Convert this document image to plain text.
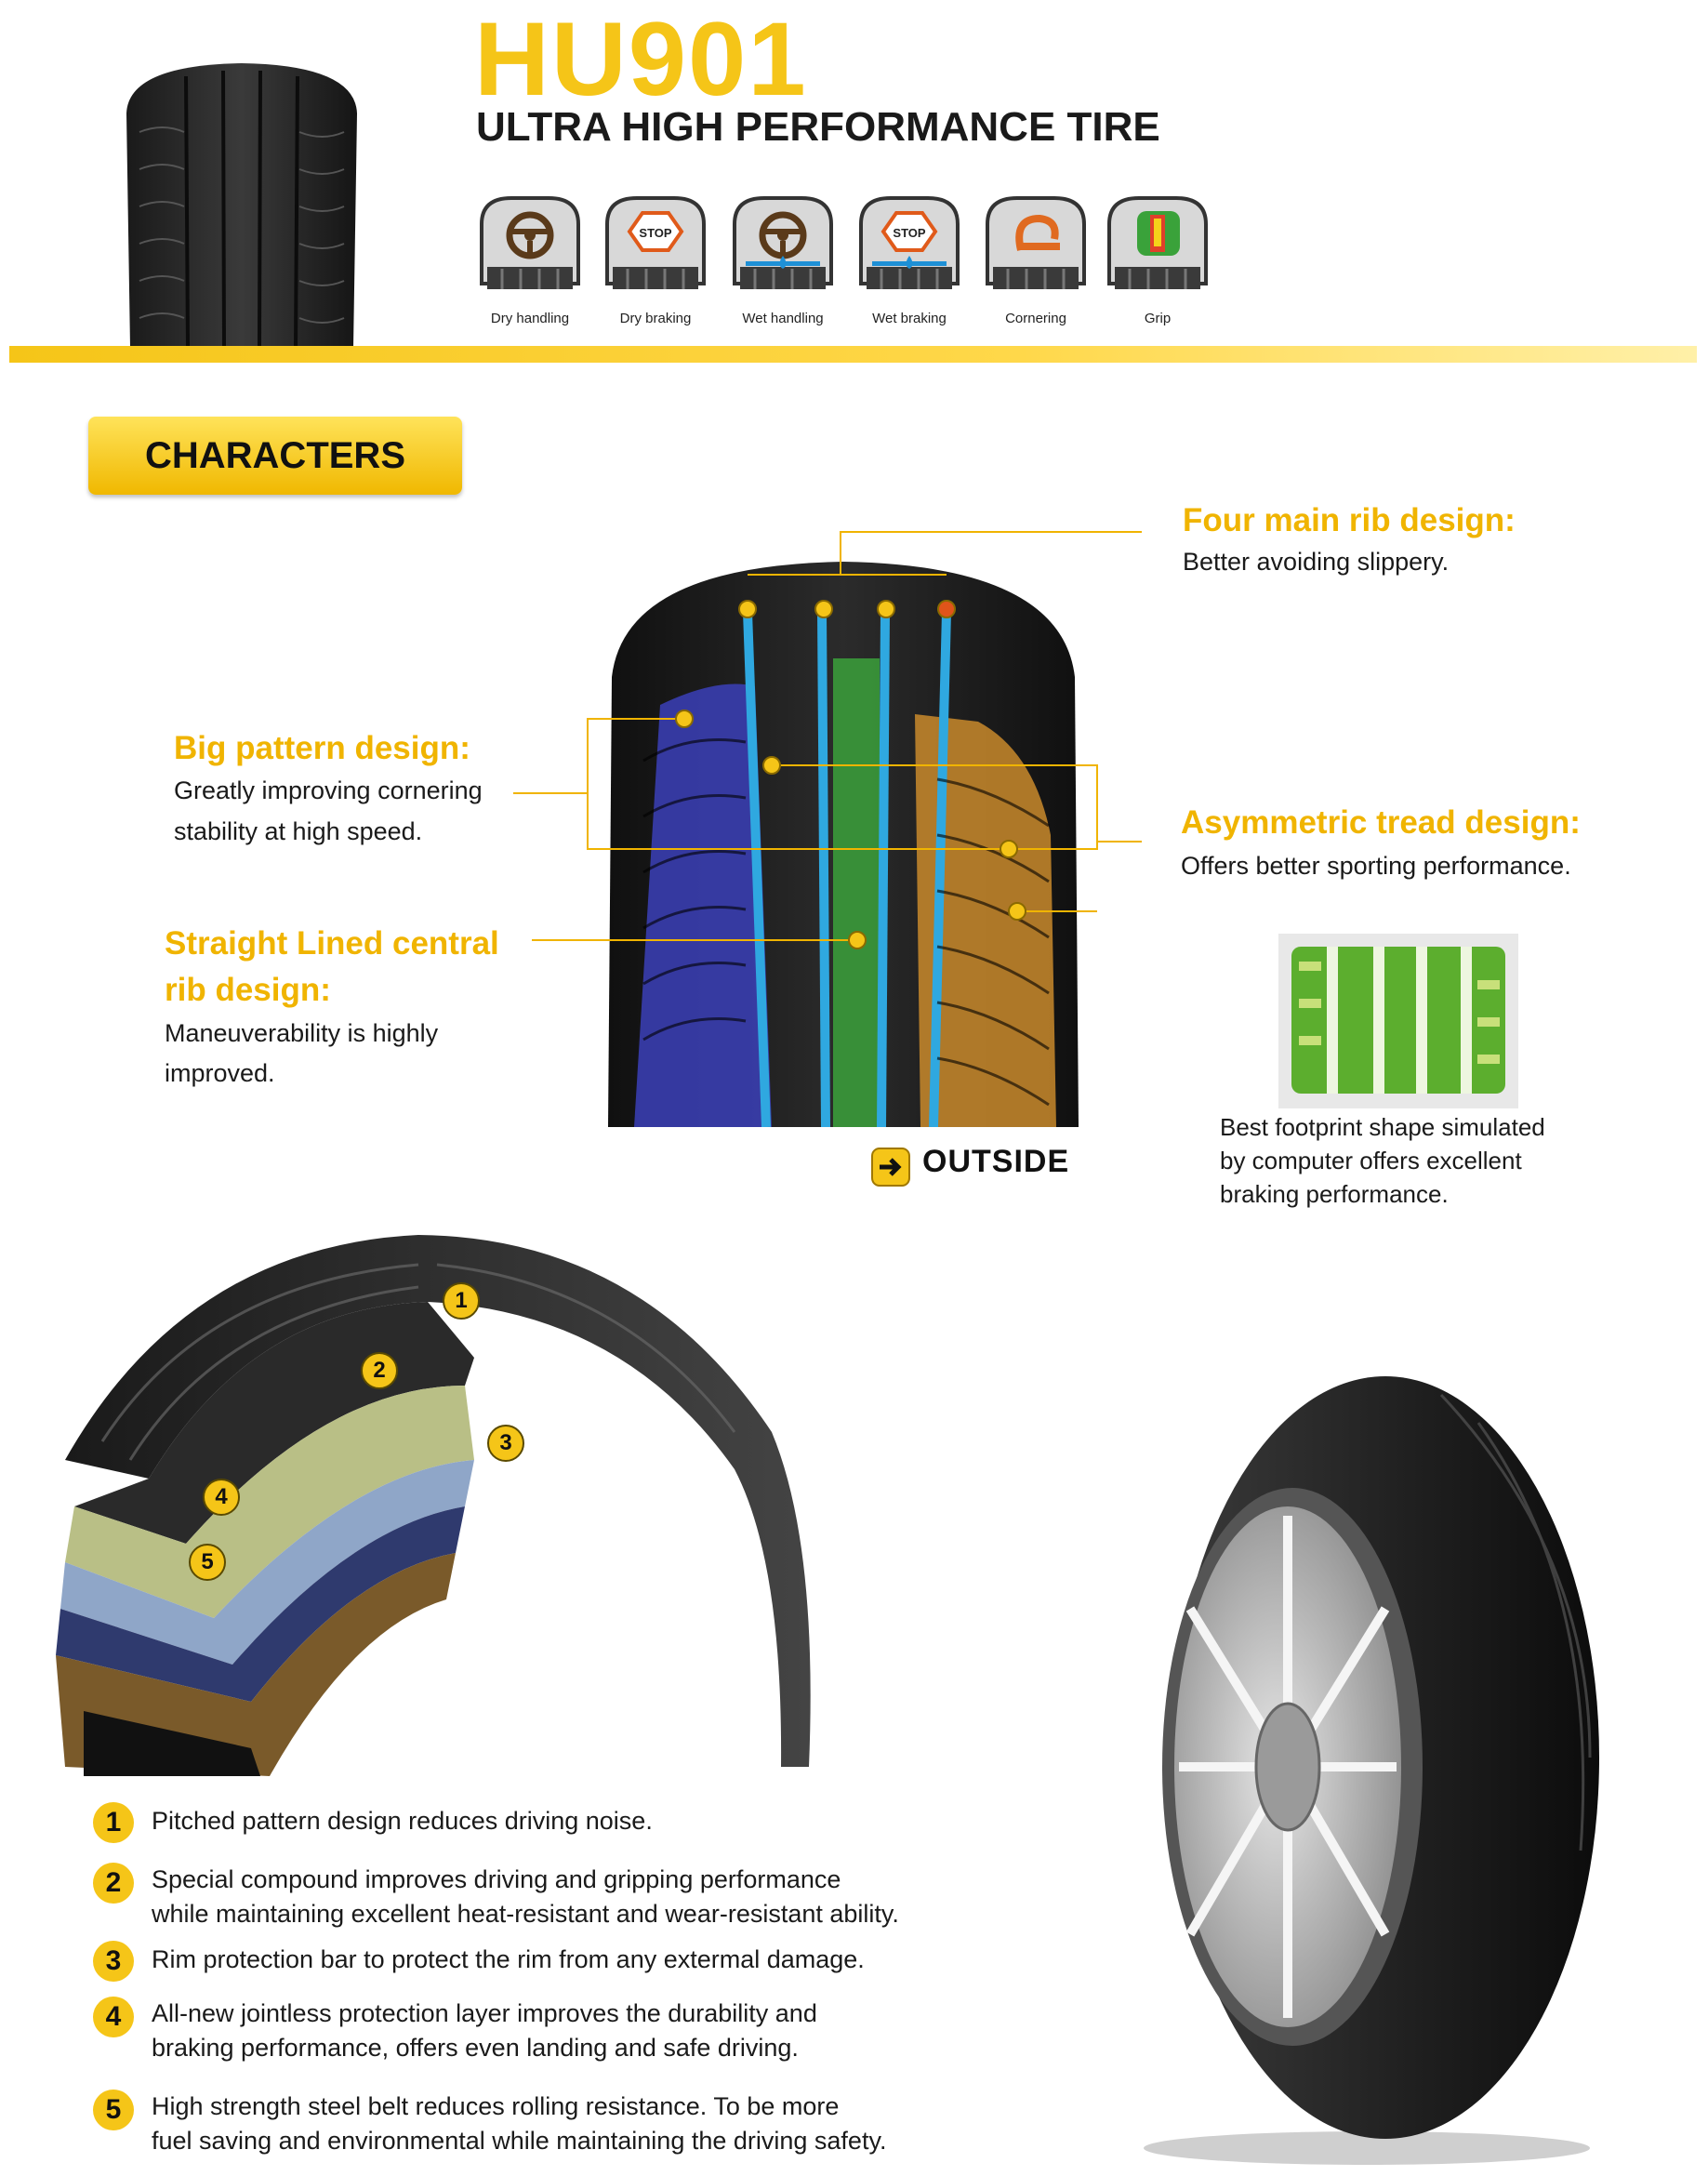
HU901
ULTRA HIGH PERFORMANCE TIRE
Dry handling
STOP
Dry braking	Wet handling
STOP
Wet braking	Cornering	Grip
CHARACTERS
Four main rib design:
Better avoiding slippery.
Big pattern design:
Greatly improving cornering
stability at high speed.	Asymmetric tread design:
Offers better sporting performance.
Straight Lined central
rib design:
Maneuverability is highly
improved.
OUTSIDE
Best footprint shape simulated
by computer offers excellent
braking performance.
1
2
3
4
5
1	Pitched pattern design reduces driving noise.
2	Special compound improves driving and gripping performance
while maintaining excellent heat-resistant and wear-resistant ability.
3	Rim protection bar to protect the rim from any extermal damage.
4	All-new jointless protection layer improves the durability and
braking performance, offers even landing and safe driving.
5	High strength steel belt reduces rolling resistance. To be more
fuel saving and environmental while maintaining the driving safety.
